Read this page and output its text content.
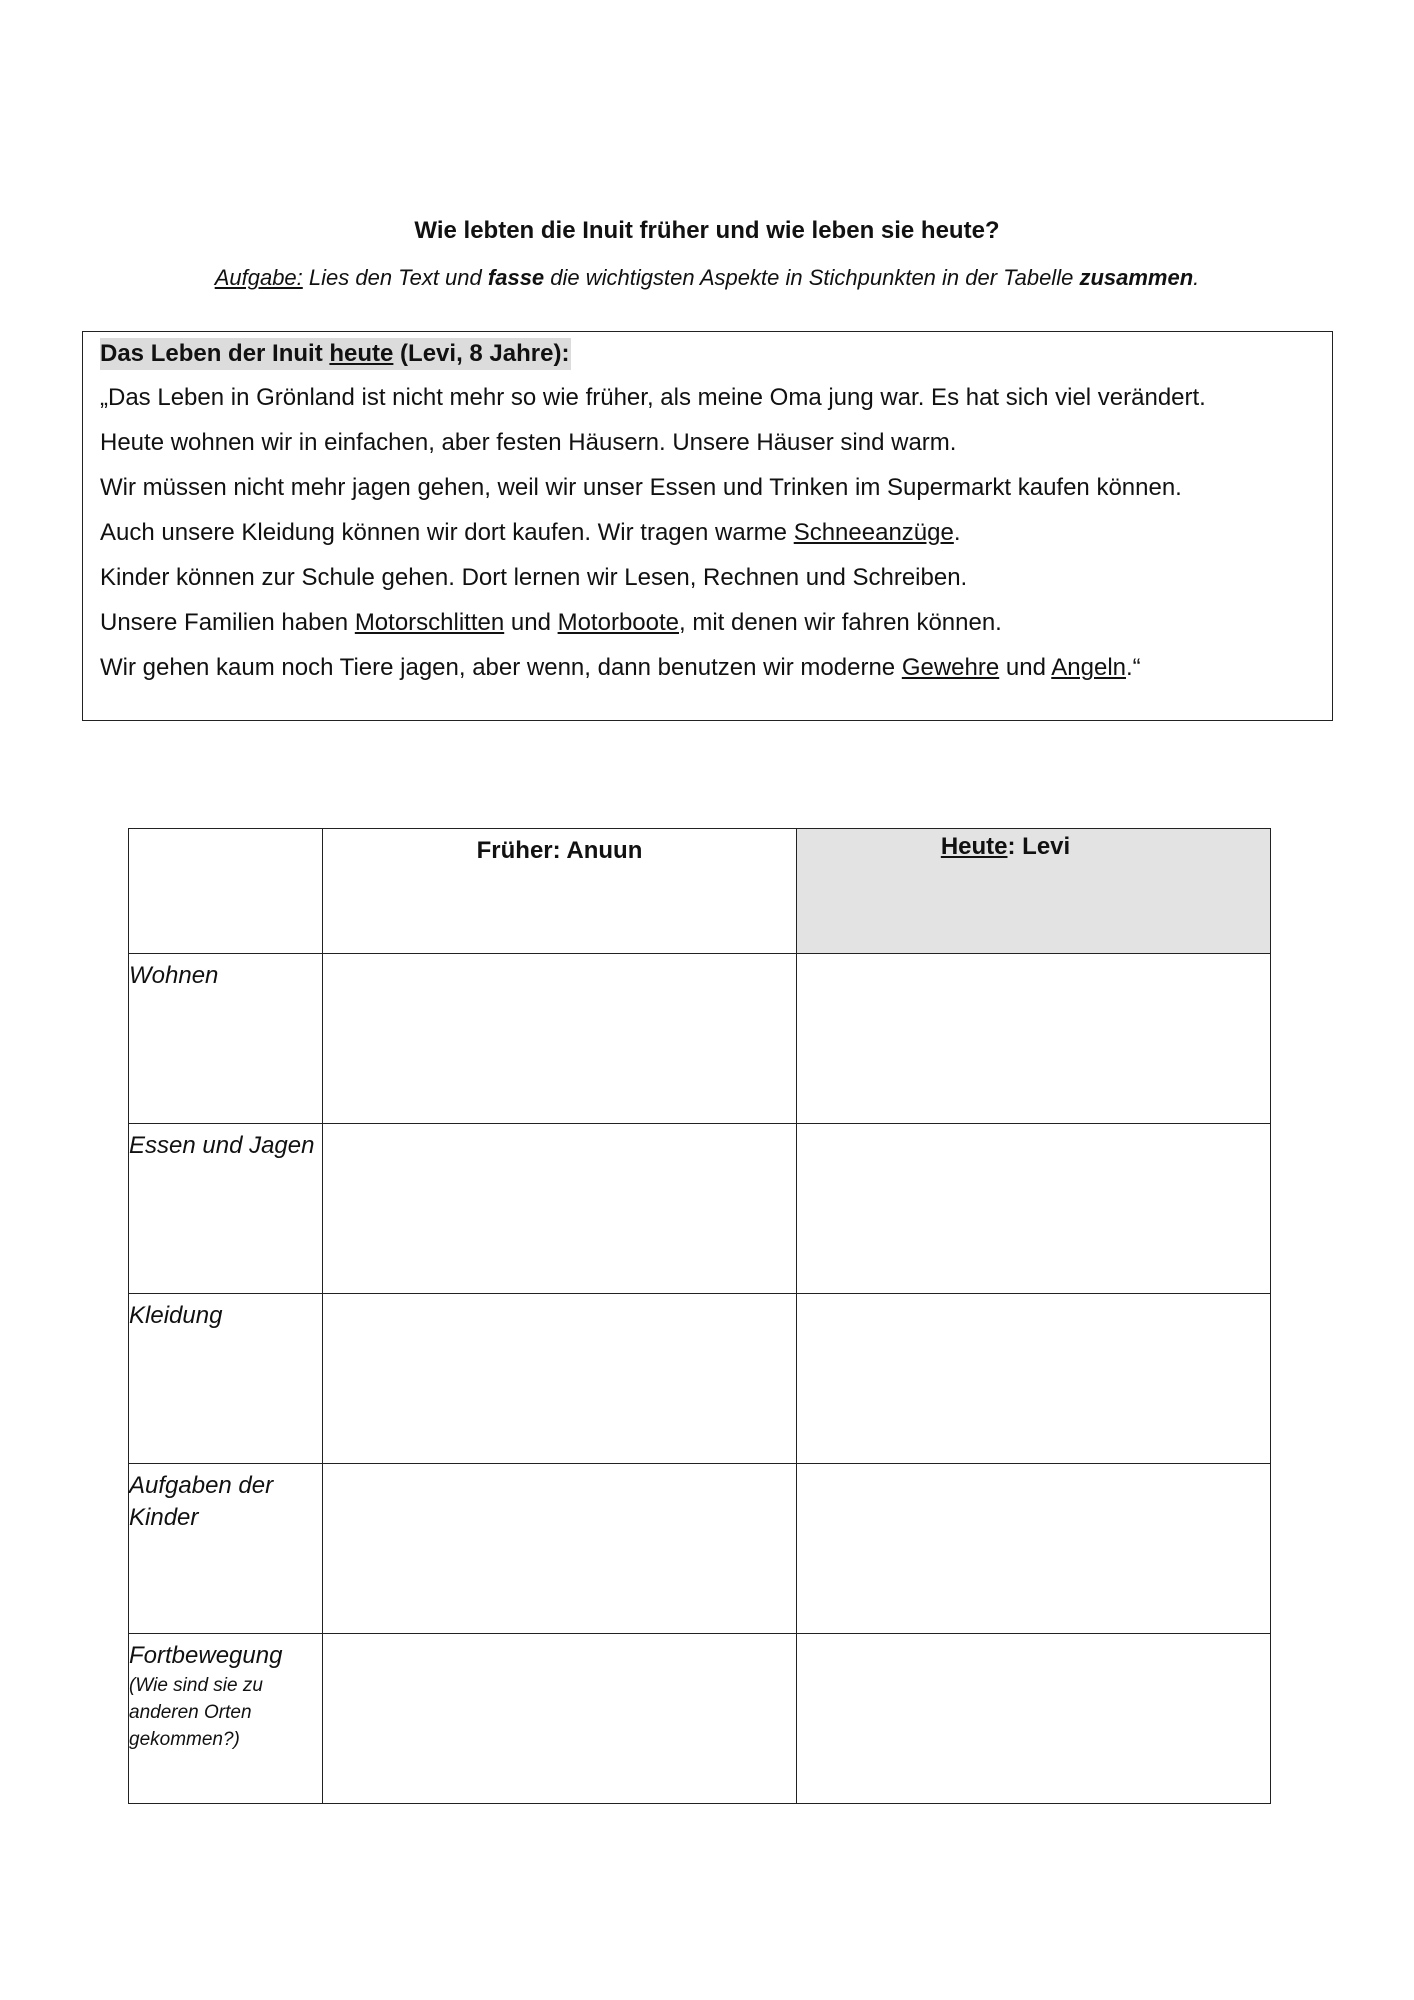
Wie lebten die Inuit früher und wie leben sie heute?
Aufgabe: Lies den Text und fasse die wichtigsten Aspekte in Stichpunkten in der Tabelle zusammen.
Das Leben der Inuit heute (Levi, 8 Jahre):
„Das Leben in Grönland ist nicht mehr so wie früher, als meine Oma jung war. Es hat sich viel verändert.
Heute wohnen wir in einfachen, aber festen Häusern. Unsere Häuser sind warm.
Wir müssen nicht mehr jagen gehen, weil wir unser Essen und Trinken im Supermarkt kaufen können.
Auch unsere Kleidung können wir dort kaufen. Wir tragen warme Schneeanzüge.
Kinder können zur Schule gehen. Dort lernen wir Lesen, Rechnen und Schreiben.
Unsere Familien haben Motorschlitten und Motorboote, mit denen wir fahren können.
Wir gehen kaum noch Tiere jagen, aber wenn, dann benutzen wir moderne Gewehre und Angeln.“

	Früher: Anuun	Heute: Levi

Wohnen		

Essen und Jagen		

Kleidung		

Aufgaben der Kinder		

Fortbewegung
(Wie sind sie zu anderen Orten gekommen?)		
